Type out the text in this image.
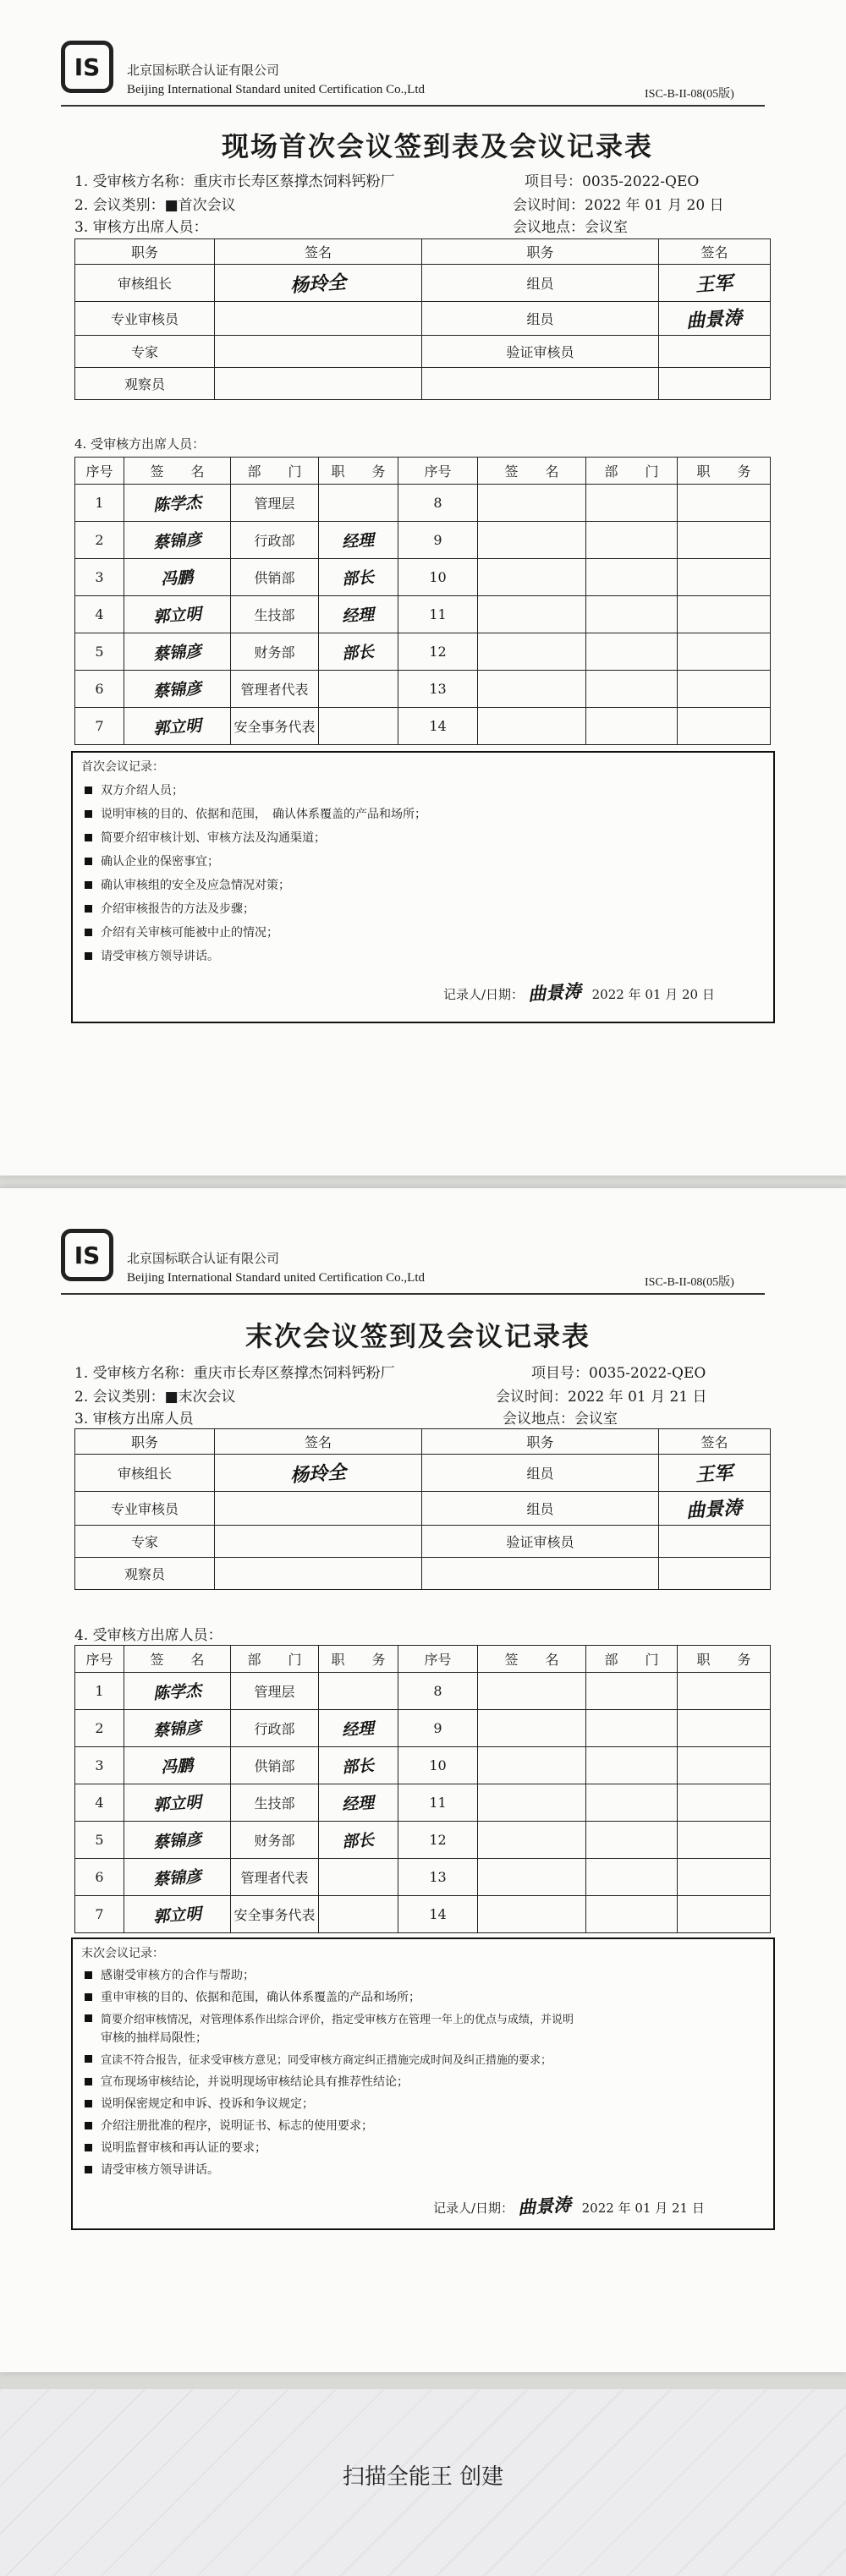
IS 北京国标联合认证有限公司
Beijing International Standard united Certification Co.,Ltd	ISC-B-II-08(05版)
现场首次会议签到表及会议记录表
1. 受审核方名称：重庆市长寿区蔡撑杰饲料钙粉厂	项目号：0035-2022-QEO
2. 会议类别：■首次会议	会议时间：2022 年 01 月 20 日
3. 审核方出席人员：	会议地点：会议室
职务	签名	职务	签名
审核组长	杨玲全	组员	王军
专业审核员		组员	曲景涛
专家		验证审核员	
观察员			
4. 受审核方出席人员：
序号	签　　名	部　　门	职　　务	序号	签　　名	部　　门	职　　务
1	陈学杰	管理层		8			
2	蔡锦彦	行政部	经理	9			
3	冯鹏	供销部	部长	10			
4	郭立明	生技部	经理	11			
5	蔡锦彦	财务部	部长	12			
6	蔡锦彦	管理者代表		13			
7	郭立明	安全事务代表		14			
首次会议记录：
双方介绍人员；
说明审核的目的、依据和范围，　确认体系覆盖的产品和场所；
简要介绍审核计划、审核方法及沟通渠道；
确认企业的保密事宜；
确认审核组的安全及应急情况对策；
介绍审核报告的方法及步骤；
介绍有关审核可能被中止的情况；
请受审核方领导讲话。
记录人/日期： 曲景涛 2022 年 01 月 20 日
IS 北京国标联合认证有限公司
Beijing International Standard united Certification Co.,Ltd	ISC-B-II-08(05版)
末次会议签到及会议记录表
1. 受审核方名称：重庆市长寿区蔡撑杰饲料钙粉厂	项目号：0035-2022-QEO
2. 会议类别：■末次会议	会议时间：2022 年 01 月 21 日
3. 审核方出席人员	会议地点：会议室
职务	签名	职务	签名
审核组长	杨玲全	组员	王军
专业审核员		组员	曲景涛
专家		验证审核员	
观察员			
4. 受审核方出席人员：
序号	签　　名	部　　门	职　　务	序号	签　　名	部　　门	职　　务
1	陈学杰	管理层		8			
2	蔡锦彦	行政部	经理	9			
3	冯鹏	供销部	部长	10			
4	郭立明	生技部	经理	11			
5	蔡锦彦	财务部	部长	12			
6	蔡锦彦	管理者代表		13			
7	郭立明	安全事务代表		14			
末次会议记录：
感谢受审核方的合作与帮助；
重申审核的目的、依据和范围，确认体系覆盖的产品和场所；
简要介绍审核情况，对管理体系作出综合评价，指定受审核方在管理一年上的优点与成绩，并说明
审核的抽样局限性；
宣读不符合报告，征求受审核方意见；同受审核方商定纠正措施完成时间及纠正措施的要求；
宣布现场审核结论，并说明现场审核结论具有推荐性结论；
说明保密规定和申诉、投诉和争议规定；
介绍注册批准的程序，说明证书、标志的使用要求；
说明监督审核和再认证的要求；
请受审核方领导讲话。
记录人/日期： 曲景涛 2022 年 01 月 21 日
扫描全能王 创建
